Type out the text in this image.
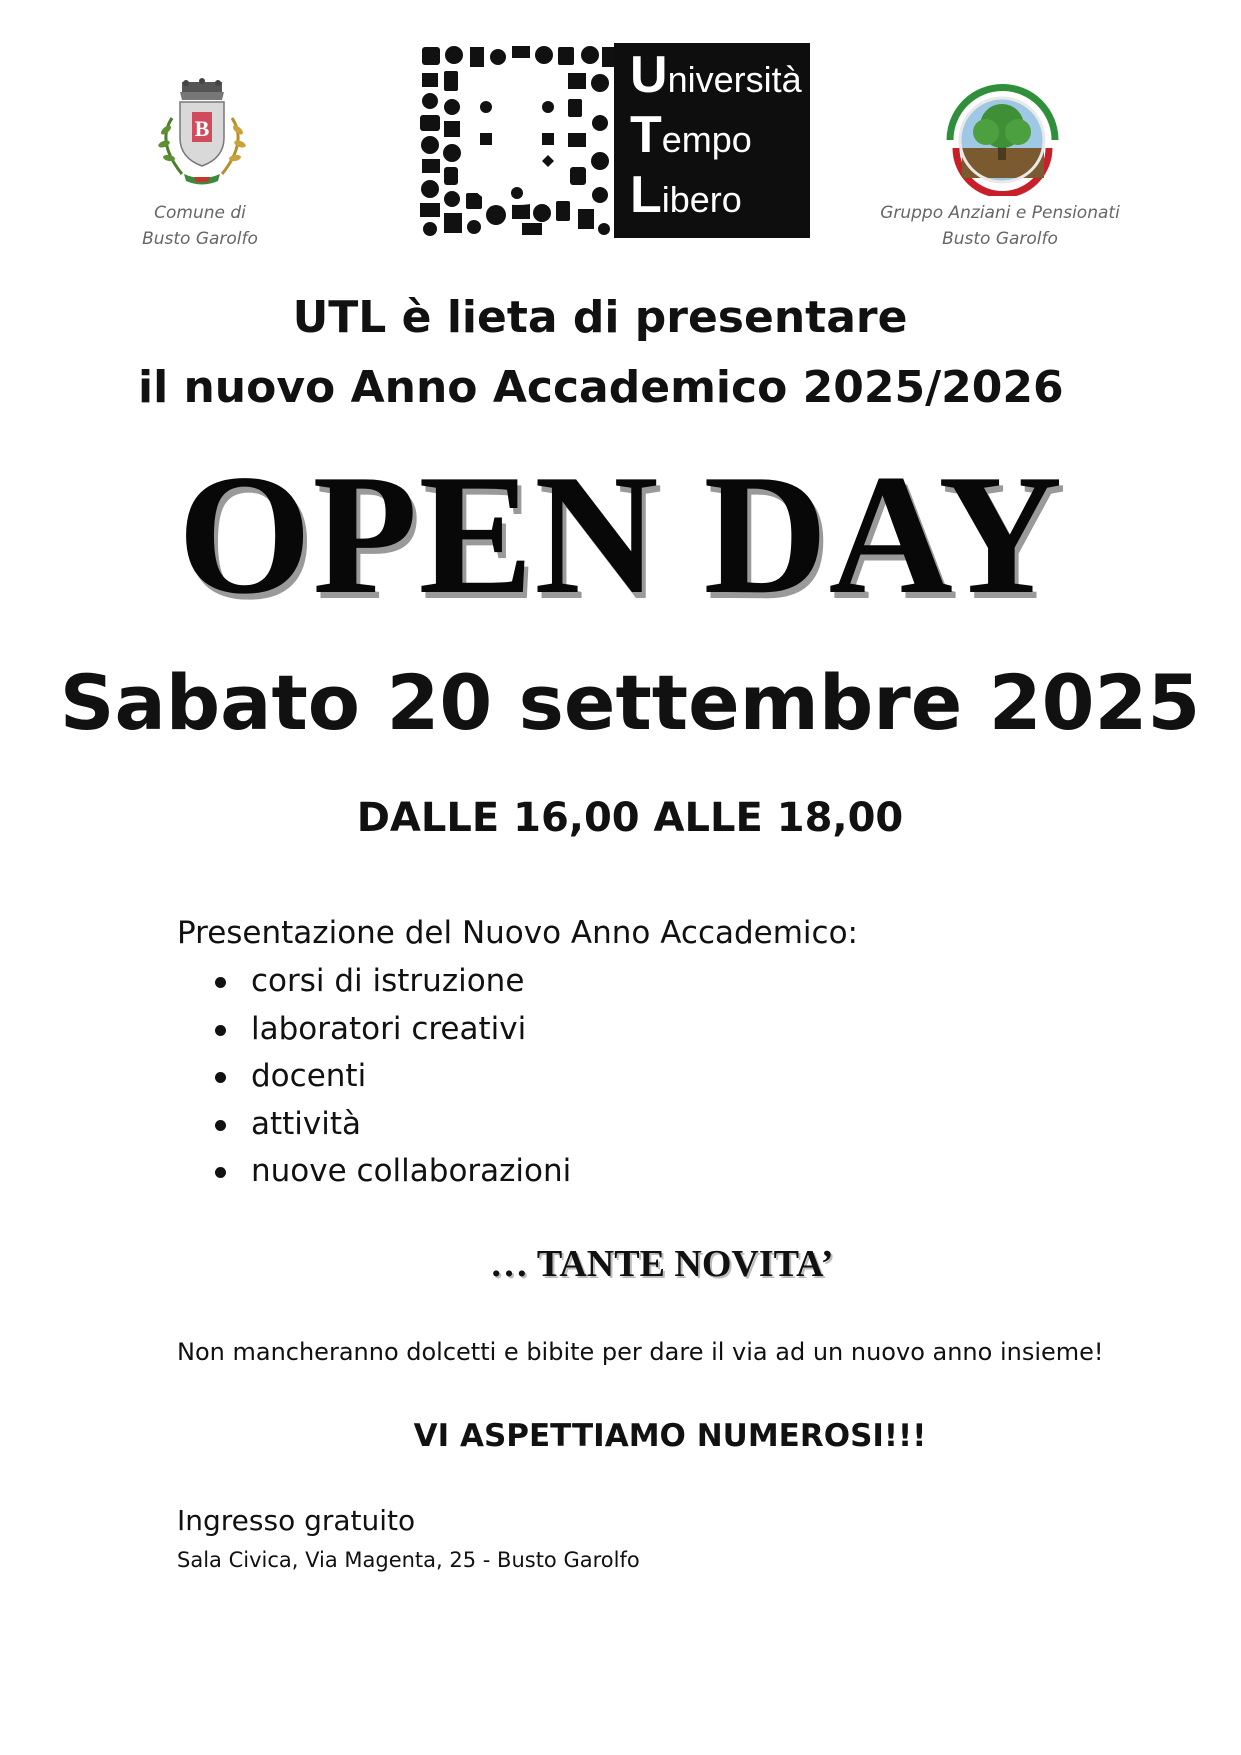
B
Comune di
Busto Garolfo
Università
Tempo
Libero	Gruppo Anziani e Pensionati
Busto Garolfo
UTL è lieta di presentare
il nuovo Anno Accademico 2025/2026
OPEN DAY
Sabato 20 settembre 2025
DALLE 16,00 ALLE 18,00
Presentazione del Nuovo Anno Accademico:
corsi di istruzione
laboratori creativi
docenti
attività
nuove collaborazioni
… TANTE NOVITA’
Non mancheranno dolcetti e bibite per dare il via ad un nuovo anno insieme!
VI ASPETTIAMO NUMEROSI!!!
Ingresso gratuito
Sala Civica, Via Magenta, 25 - Busto Garolfo
